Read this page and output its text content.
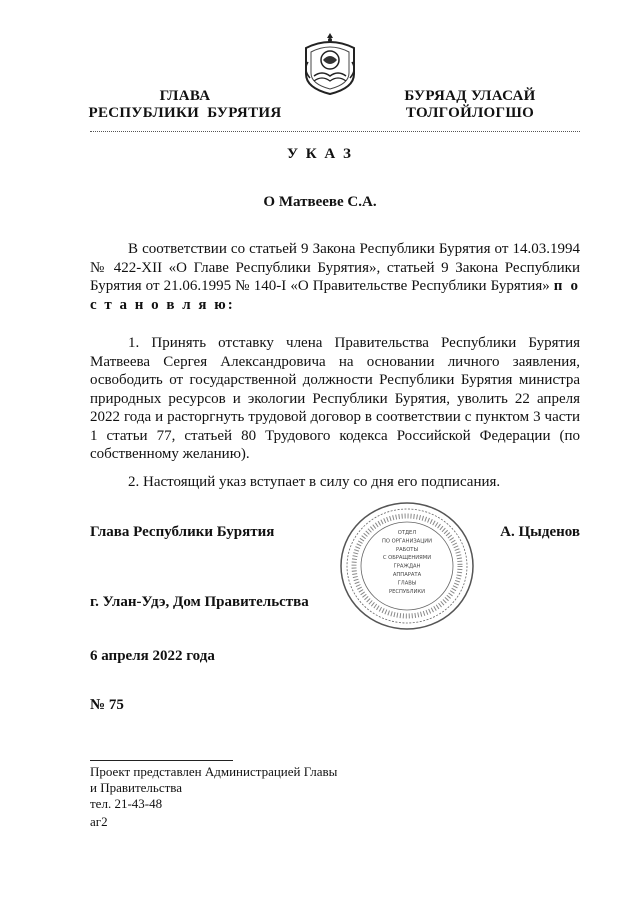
ГЛАВА
РЕСПУБЛИКИ  БУРЯТИЯ
БУРЯАД УЛАСАЙ
ТОЛГОЙЛОГШО
У К А З
О Матвееве С.А.
В соответствии со статьей 9 Закона Республики Бурятия от 14.03.1994 № 422-XII «О Главе Республики Бурятия», статьей 9 Закона Республики Бурятия от 21.06.1995 № 140-I «О Правительстве Республики Бурятия» п о с т а н о в л я ю:
1. Принять отставку члена Правительства Республики Бурятия Матвеева Сергея Александровича на основании личного заявления, освободить от государственной должности Республики Бурятия министра природных ресурсов и экологии Республики Бурятия, уволить 22 апреля 2022 года и расторгнуть трудовой договор в соответствии с пунктом 3 части 1 статьи 77, статьей 80 Трудового кодекса Российской Федерации (по собственному желанию).
2. Настоящий указ вступает в силу со дня его подписания.
Глава Республики Бурятия	А. Цыденов
ОТДЕЛ
ПО ОРГАНИЗАЦИИ
РАБОТЫ
С ОБРАЩЕНИЯМИ
ГРАЖДАН
АППАРАТА
ГЛАВЫ
РЕСПУБЛИКИ
г. Улан-Удэ, Дом Правительства
6 апреля 2022 года
№ 75
Проект представлен Администрацией Главы
и Правительства
тел. 21-43-48
аг2
